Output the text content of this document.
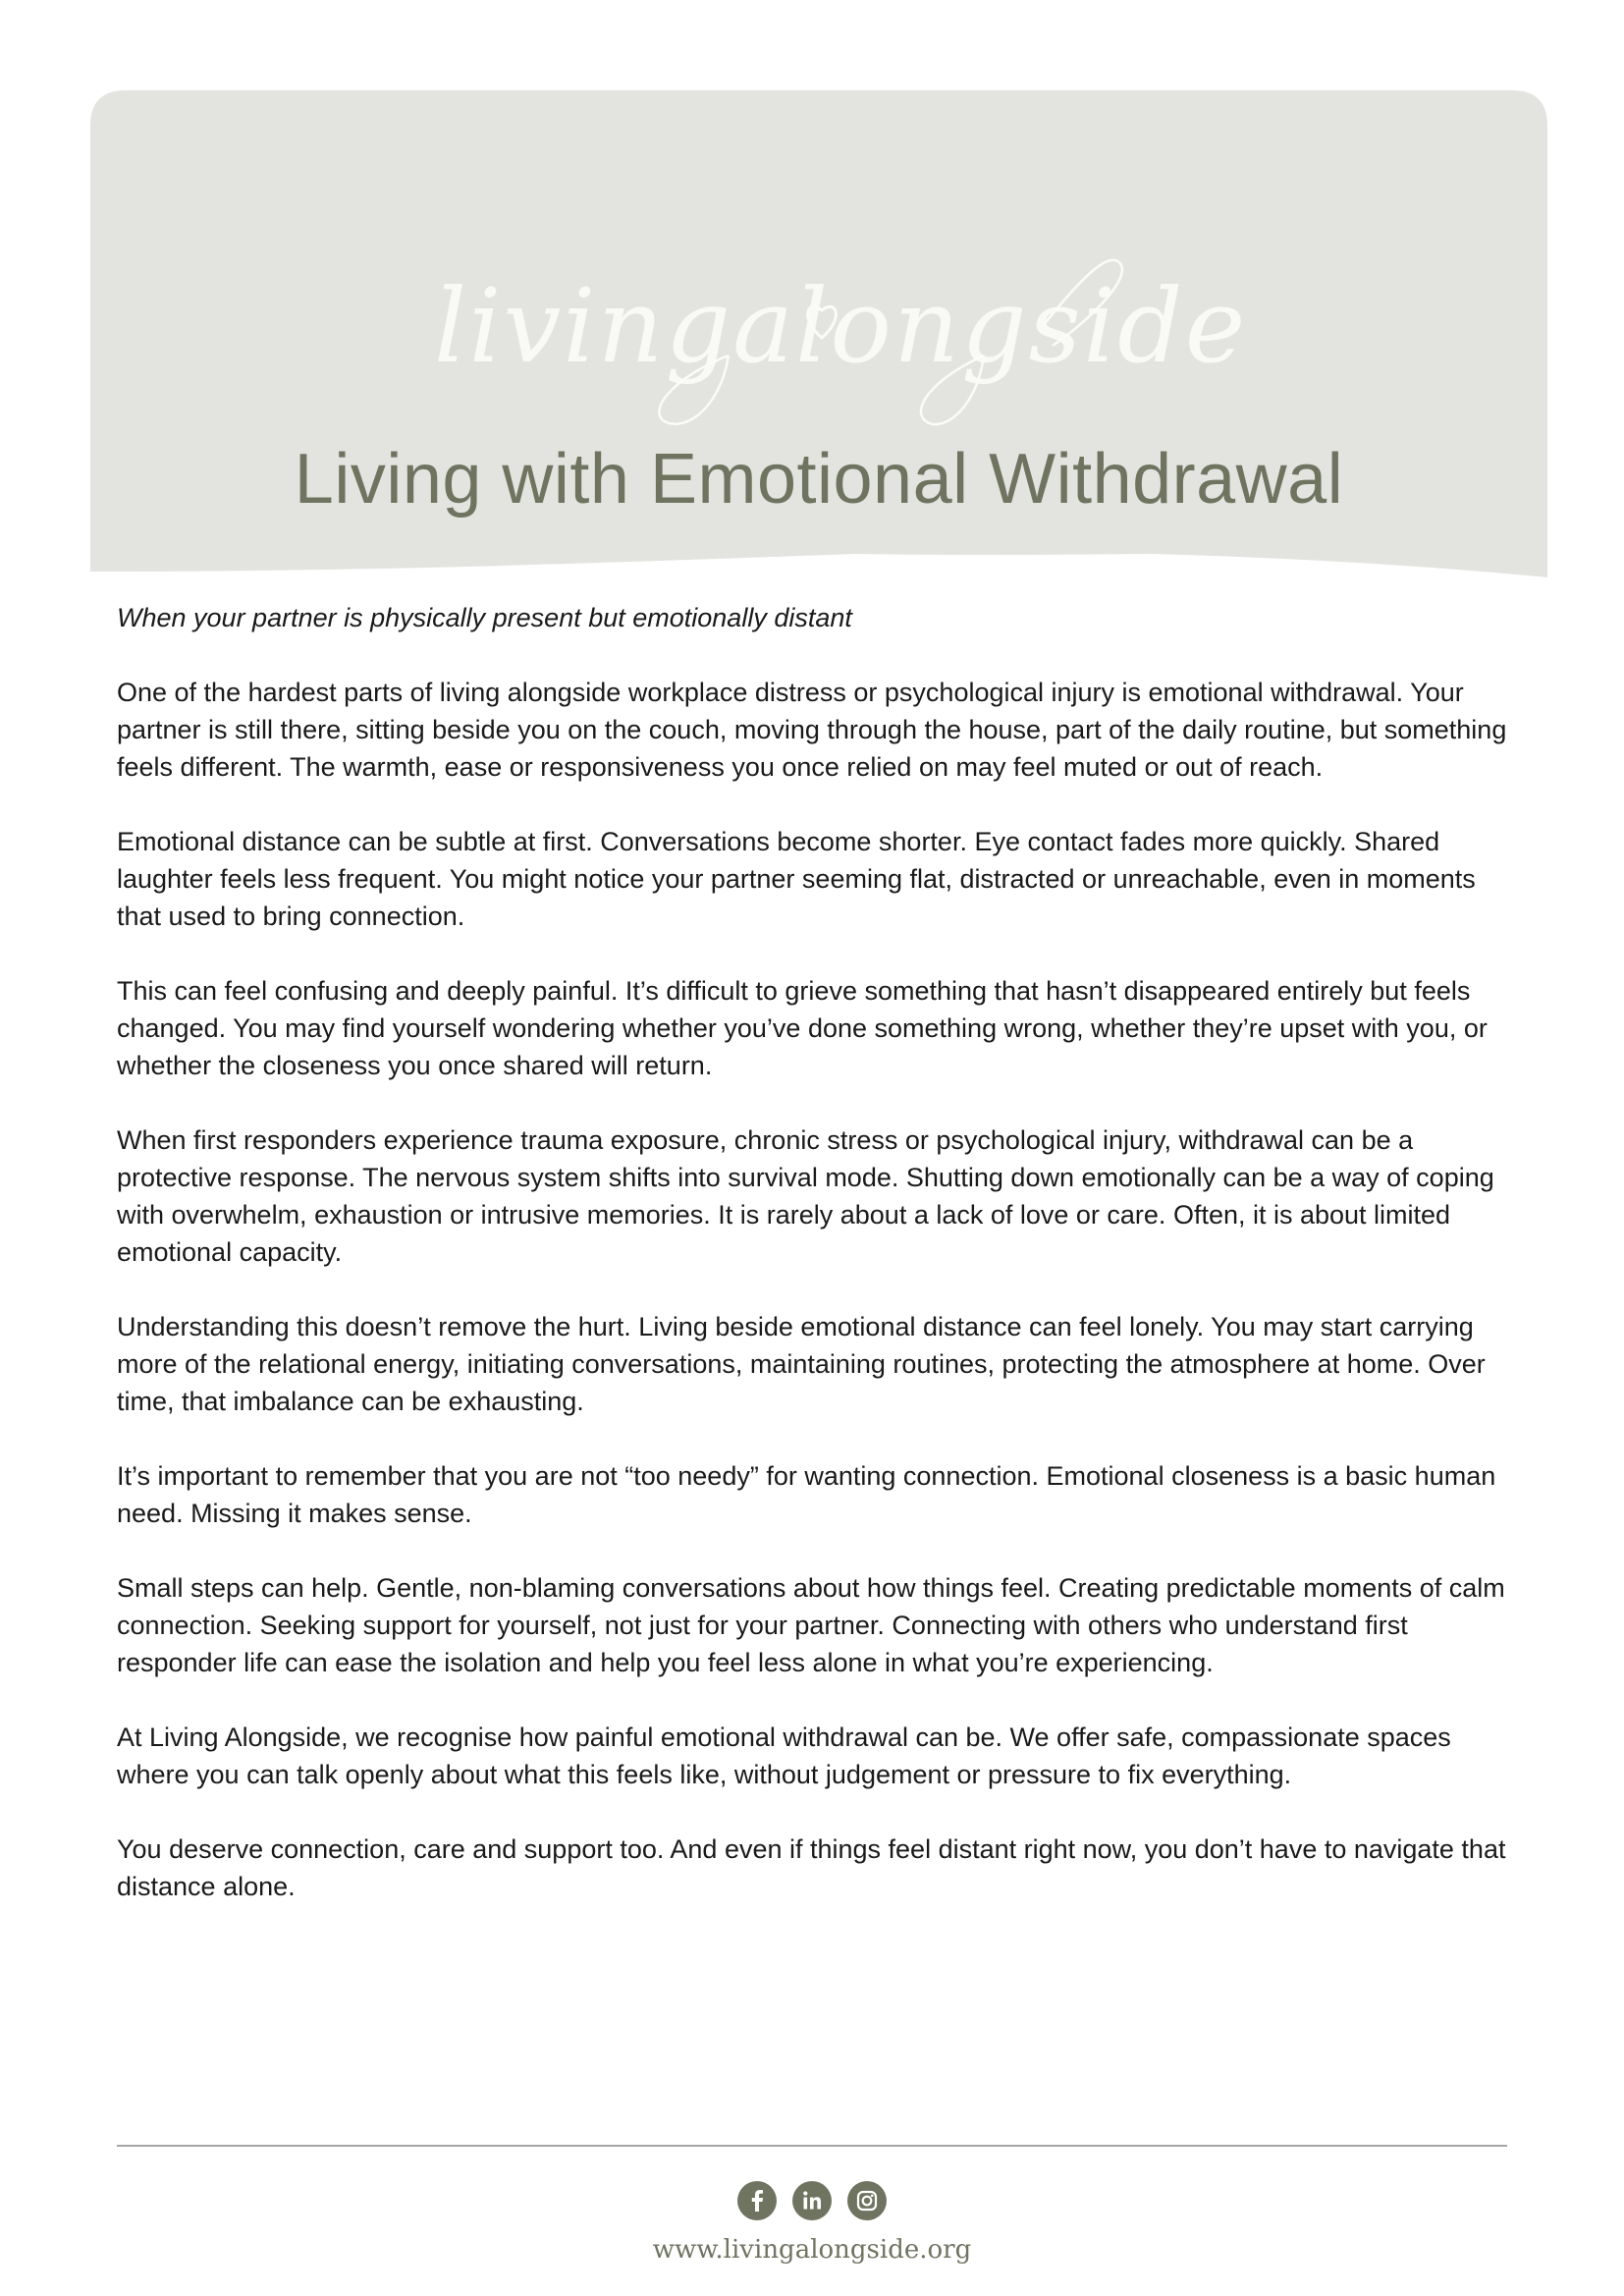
livingalongside
Living with Emotional Withdrawal

When your partner is physically present but emotionally distant

One of the hardest parts of living alongside workplace distress or psychological injury is emotional withdrawal. Your partner is still there, sitting beside you on the couch, moving through the house, part of the daily routine, but something feels different. The warmth, ease or responsiveness you once relied on may feel muted or out of reach.

Emotional distance can be subtle at first. Conversations become shorter. Eye contact fades more quickly. Shared laughter feels less frequent. You might notice your partner seeming flat, distracted or unreachable, even in moments that used to bring connection.

This can feel confusing and deeply painful. It’s difficult to grieve something that hasn’t disappeared entirely but feels changed. You may find yourself wondering whether you’ve done something wrong, whether they’re upset with you, or whether the closeness you once shared will return.

When first responders experience trauma exposure, chronic stress or psychological injury, withdrawal can be a protective response. The nervous system shifts into survival mode. Shutting down emotionally can be a way of coping with overwhelm, exhaustion or intrusive memories. It is rarely about a lack of love or care. Often, it is about limited emotional capacity.

Understanding this doesn’t remove the hurt. Living beside emotional distance can feel lonely. You may start carrying more of the relational energy, initiating conversations, maintaining routines, protecting the atmosphere at home. Over time, that imbalance can be exhausting.

It’s important to remember that you are not “too needy” for wanting connection. Emotional closeness is a basic human need. Missing it makes sense.

Small steps can help. Gentle, non-blaming conversations about how things feel. Creating predictable moments of calm connection. Seeking support for yourself, not just for your partner. Connecting with others who understand first responder life can ease the isolation and help you feel less alone in what you’re experiencing.

At Living Alongside, we recognise how painful emotional withdrawal can be. We offer safe, compassionate spaces where you can talk openly about what this feels like, without judgement or pressure to fix everything.

You deserve connection, care and support too. And even if things feel distant right now, you don’t have to navigate that distance alone.

www.livingalongside.org
